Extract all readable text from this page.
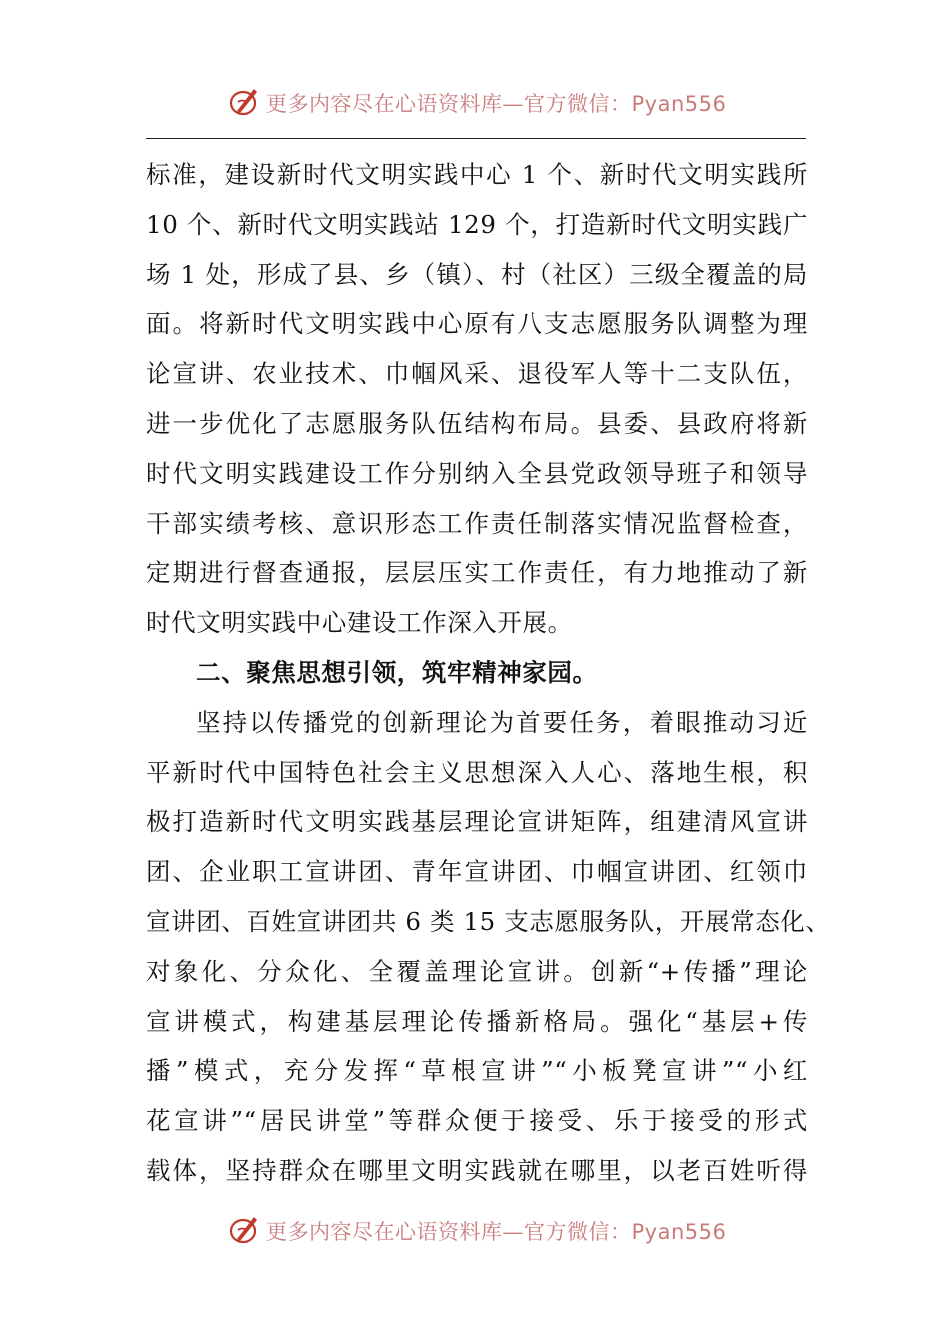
更多内容尽在心语资料库—官方微信：Pyan556
标准，建设新时代文明实践中心 1 个、新时代文明实践所
10 个、新时代文明实践站 129 个，打造新时代文明实践广
场 1 处，形成了县、乡（镇）、村（社区）三级全覆盖的局
面。将新时代文明实践中心原有八支志愿服务队调整为理
论宣讲、农业技术、巾帼风采、退役军人等十二支队伍，
进一步优化了志愿服务队伍结构布局。县委、县政府将新
时代文明实践建设工作分别纳入全县党政领导班子和领导
干部实绩考核、意识形态工作责任制落实情况监督检查，
定期进行督查通报，层层压实工作责任，有力地推动了新
时代文明实践中心建设工作深入开展。
二、聚焦思想引领，筑牢精神家园。
坚持以传播党的创新理论为首要任务，着眼推动习近
平新时代中国特色社会主义思想深入人心、落地生根，积
极打造新时代文明实践基层理论宣讲矩阵，组建清风宣讲
团、企业职工宣讲团、青年宣讲团、巾帼宣讲团、红领巾
宣讲团、百姓宣讲团共 6 类 15 支志愿服务队，开展常态化、
对象化、分众化、全覆盖理论宣讲。创新“+传播”理论
宣讲模式，构建基层理论传播新格局。强化“基层+传
播”模式，充分发挥“草根宣讲”“小板凳宣讲”“小红
花宣讲”“居民讲堂”等群众便于接受、乐于接受的形式
载体，坚持群众在哪里文明实践就在哪里，以老百姓听得
更多内容尽在心语资料库—官方微信：Pyan556
